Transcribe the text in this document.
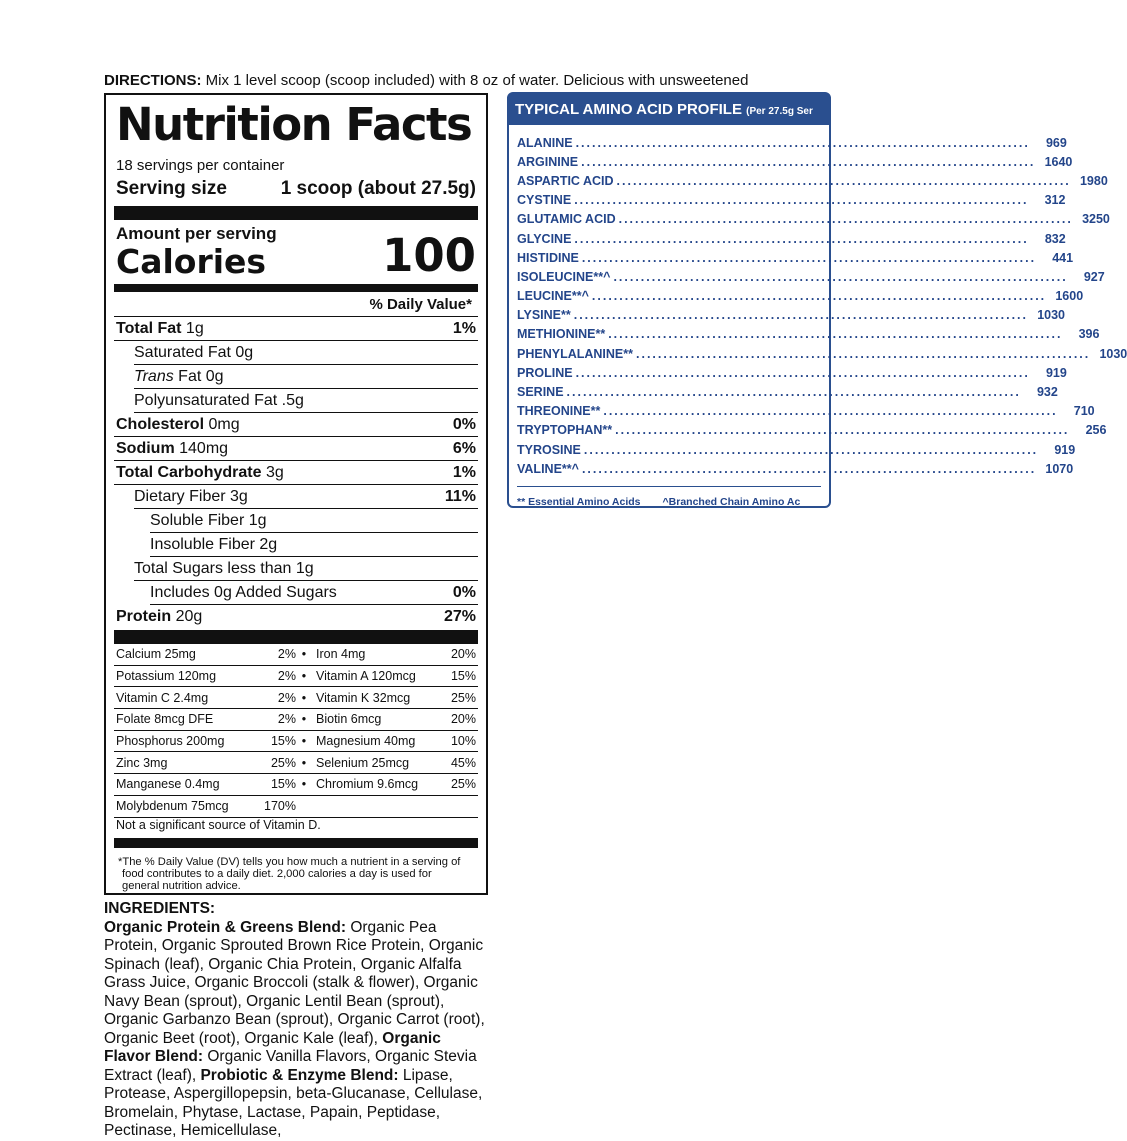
DIRECTIONS: Mix 1 level scoop (scoop included) with 8 oz of water. Delicious with unsweetened
Nutrition Facts
18 servings per container
Serving size	1 scoop (about 27.5g)
Amount per serving
Calories	100
% Daily Value*
Total Fat 1g	1%
Saturated Fat 0g
Trans Fat 0g
Polyunsaturated Fat .5g
Cholesterol 0mg	0%
Sodium 140mg	6%
Total Carbohydrate 3g	1%
Dietary Fiber 3g	11%
Soluble Fiber 1g
Insoluble Fiber 2g
Total Sugars less than 1g
Includes 0g Added Sugars	0%
Protein 20g	27%
Calcium 25mg	2% • Iron 4mg	20%
Potassium 120mg	2% • Vitamin A 120mcg	15%
Vitamin C 2.4mg	2% • Vitamin K 32mcg	25%
Folate 8mcg DFE	2% • Biotin 6mcg	20%
Phosphorus 200mg	15% • Magnesium 40mg	10%
Zinc 3mg	25% • Selenium 25mcg	45%
Manganese 0.4mg	15% • Chromium 9.6mcg	25%
Molybdenum 75mcg	170%
Not a significant source of Vitamin D.
*The % Daily Value (DV) tells you how much a nutrient in a serving of food contributes to a daily diet. 2,000 calories a day is used for general nutrition advice.
INGREDIENTS:
Organic Protein & Greens Blend: Organic Pea Protein, Organic Sprouted Brown Rice Protein, Organic Spinach (leaf), Organic Chia Protein, Organic Alfalfa Grass Juice, Organic Broccoli (stalk & flower), Organic Navy Bean (sprout), Organic Lentil Bean (sprout), Organic Garbanzo Bean (sprout), Organic Carrot (root), Organic Beet (root), Organic Kale (leaf), Organic Flavor Blend: Organic Vanilla Flavors, Organic Stevia Extract (leaf), Probiotic & Enzyme Blend: Lipase, Protease, Aspergillopepsin, beta-Glucanase, Cellulase, Bromelain, Phytase, Lactase, Papain, Peptidase, Pectinase, Hemicellulase,
TYPICAL AMINO ACID PROFILE (Per 27.5g Ser
ALANINE .....	969
ARGININE .....	1640
ASPARTIC ACID .....	1980
CYSTINE .....	312
GLUTAMIC ACID .....	3250
GLYCINE .....	832
HISTIDINE .....	441
ISOLEUCINE**^ .....	927
LEUCINE**^ .....	1600
LYSINE** .....	1030
METHIONINE** .....	396
PHENYLALANINE** .....	1030
PROLINE .....	919
SERINE .....	932
THREONINE** .....	710
TRYPTOPHAN** .....	256
TYROSINE .....	919
VALINE**^ .....	1070
** Essential Amino Acids ^Branched Chain Amino Ac
